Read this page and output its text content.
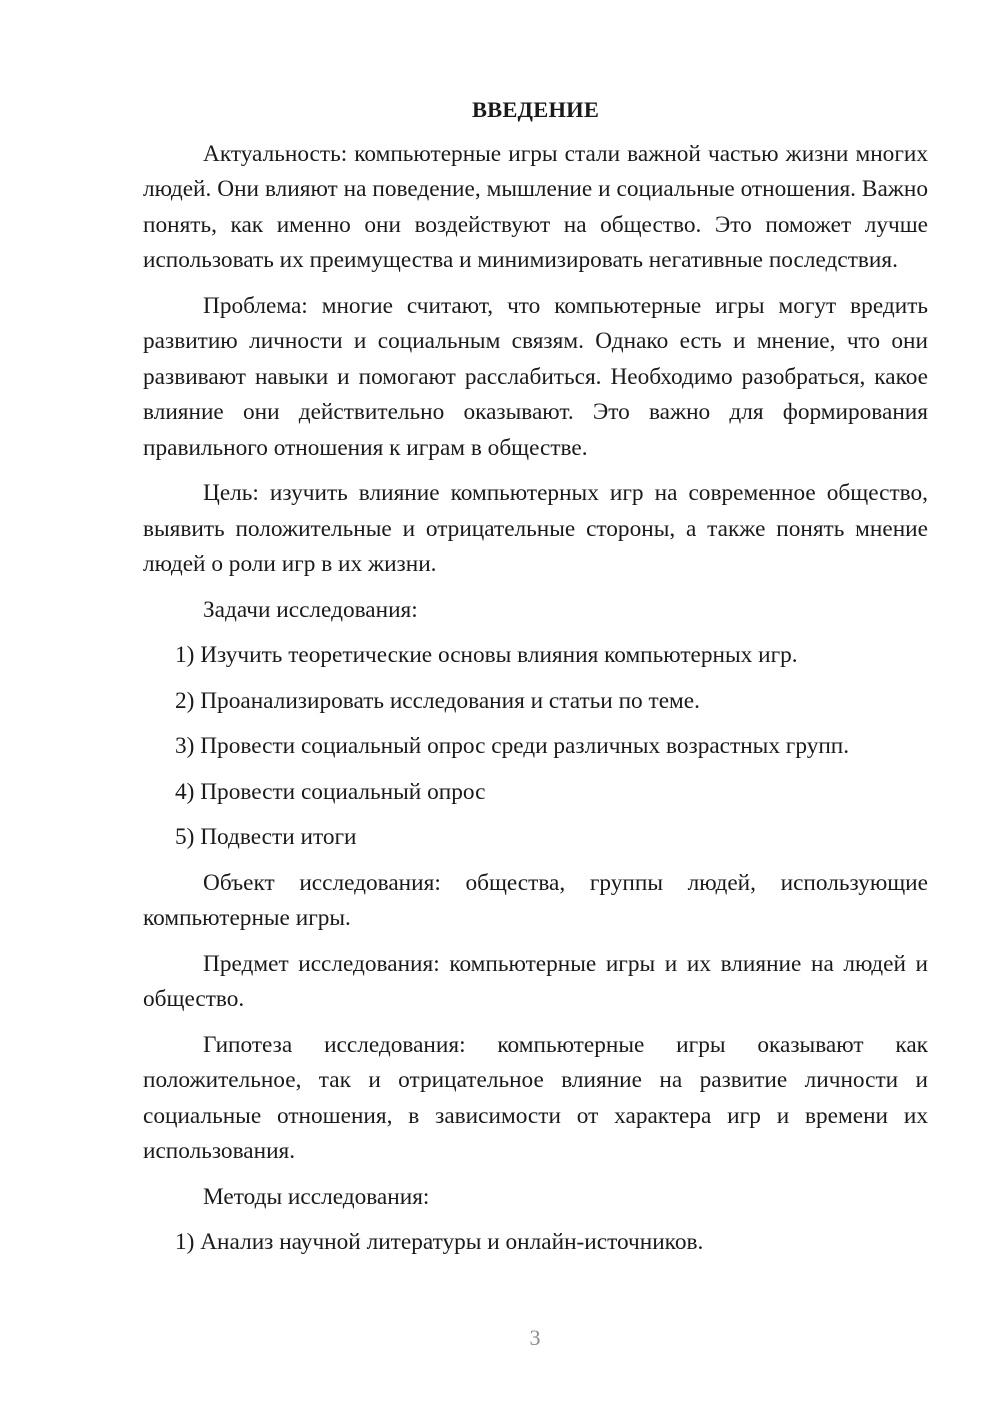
ВВЕДЕНИЕ
Актуальность: компьютерные игры стали важной частью жизни многих людей. Они влияют на поведение, мышление и социальные отношения. Важно понять, как именно они воздействуют на общество. Это поможет лучше использовать их преимущества и минимизировать негативные последствия.
Проблема: многие считают, что компьютерные игры могут вредить развитию личности и социальным связям. Однако есть и мнение, что они развивают навыки и помогают расслабиться. Необходимо разобраться, какое влияние они действительно оказывают. Это важно для формирования правильного отношения к играм в обществе.
Цель: изучить влияние компьютерных игр на современное общество, выявить положительные и отрицательные стороны, а также понять мнение людей о роли игр в их жизни.
Задачи исследования:
1) Изучить теоретические основы влияния компьютерных игр.
2) Проанализировать исследования и статьи по теме.
3) Провести социальный опрос среди различных возрастных групп.
4) Провести социальный опрос
5) Подвести итоги
Объект исследования: общества, группы людей, использующие компьютерные игры.
Предмет исследования: компьютерные игры и их влияние на людей и общество.
Гипотеза исследования: компьютерные игры оказывают как положительное, так и отрицательное влияние на развитие личности и социальные отношения, в зависимости от характера игр и времени их использования.
Методы исследования:
1) Анализ научной литературы и онлайн-источников.
3
